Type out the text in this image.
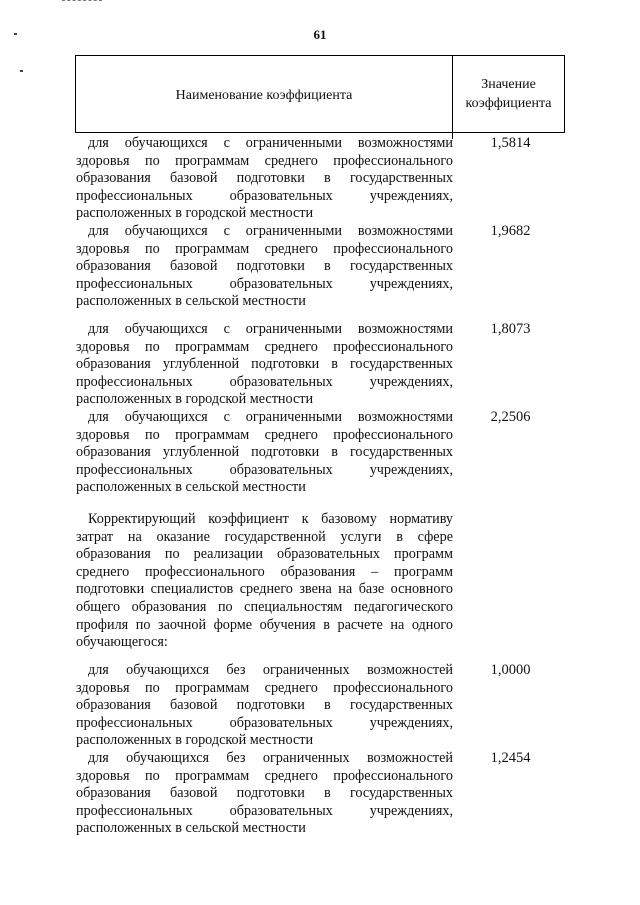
61
Наименование коэффициента
Значение
коэффициента
для обучающихся с ограниченными возможностями здоровья по программам среднего профессионального образования базовой подготовки в государственных профессиональных образовательных учреждениях, расположенных в городской местности
1,5814
для обучающихся с ограниченными возможностями здоровья по программам среднего профессионального образования базовой подготовки в государственных профессиональных образовательных учреждениях, расположенных в сельской местности
1,9682
для обучающихся с ограниченными возможностями здоровья по программам среднего профессионального образования углубленной подготовки в государственных профессиональных образовательных учреждениях, расположенных в городской местности
1,8073
для обучающихся с ограниченными возможностями здоровья по программам среднего профессионального образования углубленной подготовки в государственных профессиональных образовательных учреждениях, расположенных в сельской местности
2,2506
Корректирующий коэффициент к базовому нормативу затрат на оказание государственной услуги в сфере образования по реализации образовательных программ среднего профессионального образования – программ подготовки специалистов среднего звена на базе основного общего образования по специальностям педагогического профиля по заочной форме обучения в расчете на одного обучающегося:
для обучающихся без ограниченных возможностей здоровья по программам среднего профессионального образования базовой подготовки в государственных профессиональных образовательных учреждениях, расположенных в городской местности
1,0000
для обучающихся без ограниченных возможностей здоровья по программам среднего профессионального образования базовой подготовки в государственных профессиональных образовательных учреждениях, расположенных в сельской местности
1,2454
